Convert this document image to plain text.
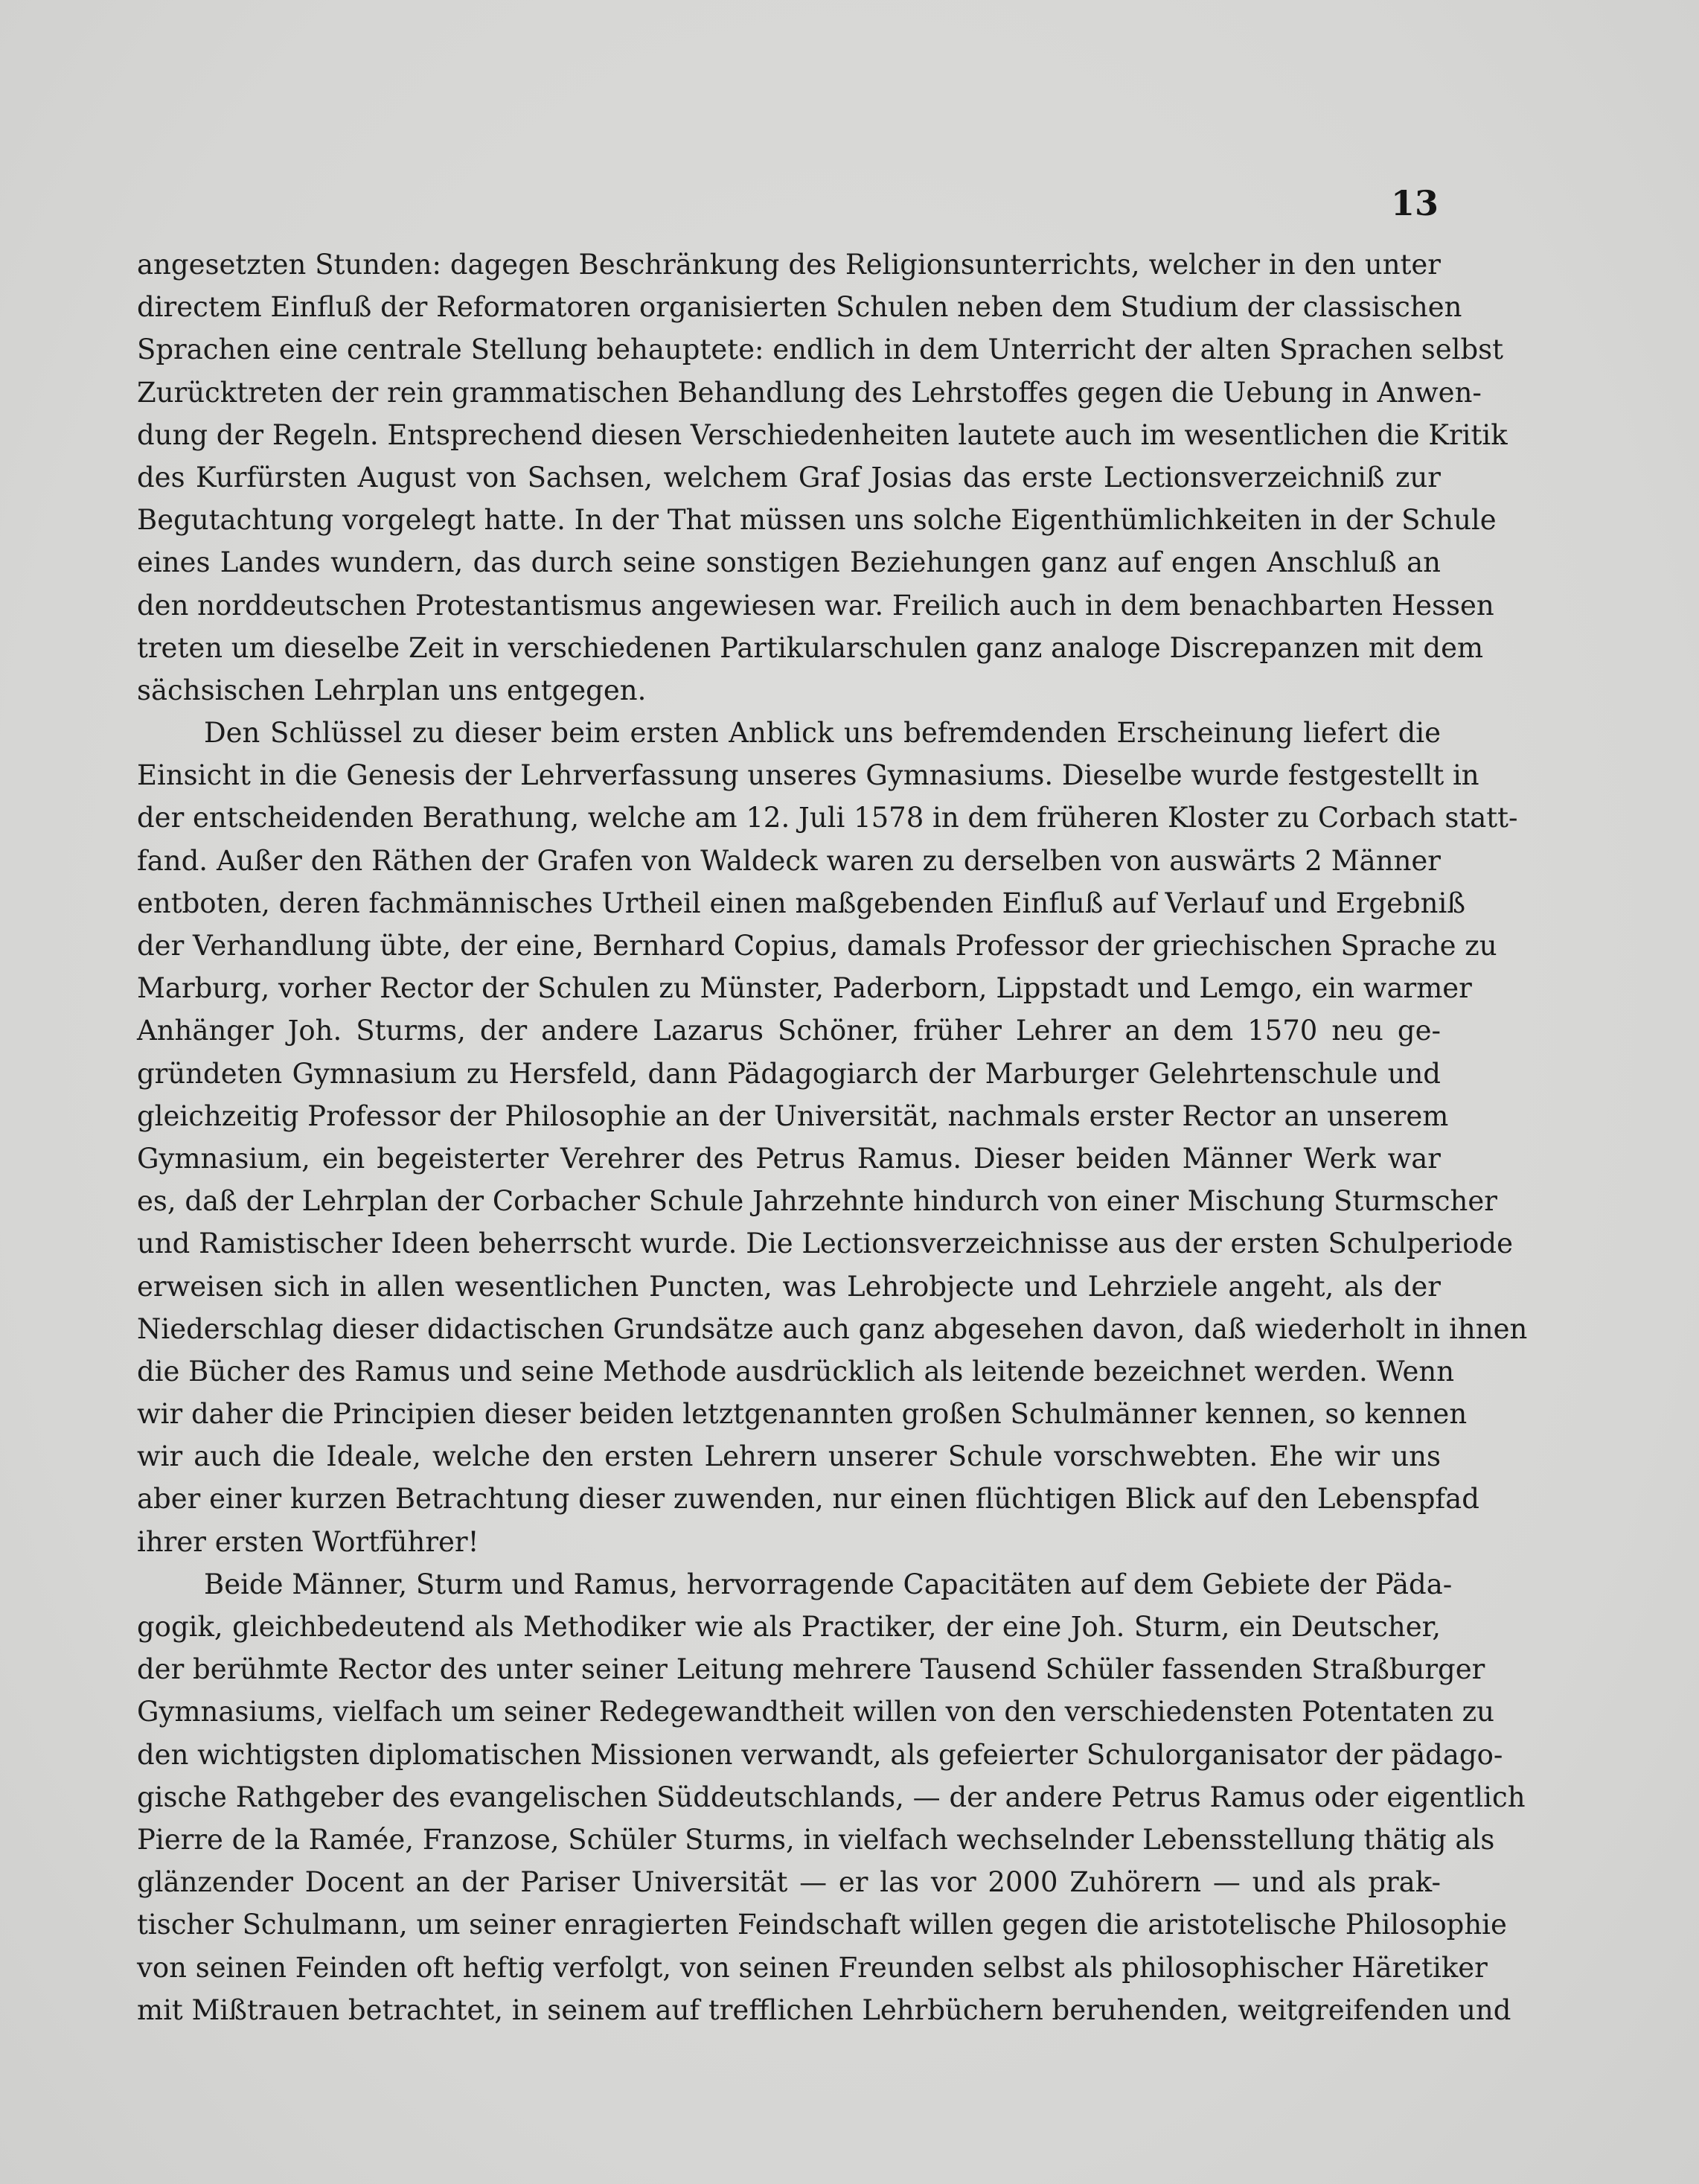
13

angesetzten Stunden: dagegen Beschränkung des Religionsunterrichts, welcher in den unter
directem Einfluß der Reformatoren organisierten Schulen neben dem Studium der classischen
Sprachen eine centrale Stellung behauptete: endlich in dem Unterricht der alten Sprachen selbst
Zurücktreten der rein grammatischen Behandlung des Lehrstoffes gegen die Uebung in Anwen-
dung der Regeln. Entsprechend diesen Verschiedenheiten lautete auch im wesentlichen die Kritik
des Kurfürsten August von Sachsen, welchem Graf Josias das erste Lectionsverzeichniß zur
Begutachtung vorgelegt hatte. In der That müssen uns solche Eigenthümlichkeiten in der Schule
eines Landes wundern, das durch seine sonstigen Beziehungen ganz auf engen Anschluß an
den norddeutschen Protestantismus angewiesen war. Freilich auch in dem benachbarten Hessen
treten um dieselbe Zeit in verschiedenen Partikularschulen ganz analoge Discrepanzen mit dem
sächsischen Lehrplan uns entgegen.
Den Schlüssel zu dieser beim ersten Anblick uns befremdenden Erscheinung liefert die
Einsicht in die Genesis der Lehrverfassung unseres Gymnasiums. Dieselbe wurde festgestellt in
der entscheidenden Berathung, welche am 12. Juli 1578 in dem früheren Kloster zu Corbach statt-
fand. Außer den Räthen der Grafen von Waldeck waren zu derselben von auswärts 2 Männer
entboten, deren fachmännisches Urtheil einen maßgebenden Einfluß auf Verlauf und Ergebniß
der Verhandlung übte, der eine, Bernhard Copius, damals Professor der griechischen Sprache zu
Marburg, vorher Rector der Schulen zu Münster, Paderborn, Lippstadt und Lemgo, ein warmer
Anhänger Joh. Sturms, der andere Lazarus Schöner, früher Lehrer an dem 1570 neu ge-
gründeten Gymnasium zu Hersfeld, dann Pädagogiarch der Marburger Gelehrtenschule und
gleichzeitig Professor der Philosophie an der Universität, nachmals erster Rector an unserem
Gymnasium, ein begeisterter Verehrer des Petrus Ramus. Dieser beiden Männer Werk war
es, daß der Lehrplan der Corbacher Schule Jahrzehnte hindurch von einer Mischung Sturmscher
und Ramistischer Ideen beherrscht wurde. Die Lectionsverzeichnisse aus der ersten Schulperiode
erweisen sich in allen wesentlichen Puncten, was Lehrobjecte und Lehrziele angeht, als der
Niederschlag dieser didactischen Grundsätze auch ganz abgesehen davon, daß wiederholt in ihnen
die Bücher des Ramus und seine Methode ausdrücklich als leitende bezeichnet werden. Wenn
wir daher die Principien dieser beiden letztgenannten großen Schulmänner kennen, so kennen
wir auch die Ideale, welche den ersten Lehrern unserer Schule vorschwebten. Ehe wir uns
aber einer kurzen Betrachtung dieser zuwenden, nur einen flüchtigen Blick auf den Lebenspfad
ihrer ersten Wortführer!
Beide Männer, Sturm und Ramus, hervorragende Capacitäten auf dem Gebiete der Päda-
gogik, gleichbedeutend als Methodiker wie als Practiker, der eine Joh. Sturm, ein Deutscher,
der berühmte Rector des unter seiner Leitung mehrere Tausend Schüler fassenden Straßburger
Gymnasiums, vielfach um seiner Redegewandtheit willen von den verschiedensten Potentaten zu
den wichtigsten diplomatischen Missionen verwandt, als gefeierter Schulorganisator der pädago-
gische Rathgeber des evangelischen Süddeutschlands, — der andere Petrus Ramus oder eigentlich
Pierre de la Ramée, Franzose, Schüler Sturms, in vielfach wechselnder Lebensstellung thätig als
glänzender Docent an der Pariser Universität — er las vor 2000 Zuhörern — und als prak-
tischer Schulmann, um seiner enragierten Feindschaft willen gegen die aristotelische Philosophie
von seinen Feinden oft heftig verfolgt, von seinen Freunden selbst als philosophischer Häretiker
mit Mißtrauen betrachtet, in seinem auf trefflichen Lehrbüchern beruhenden, weitgreifenden und
